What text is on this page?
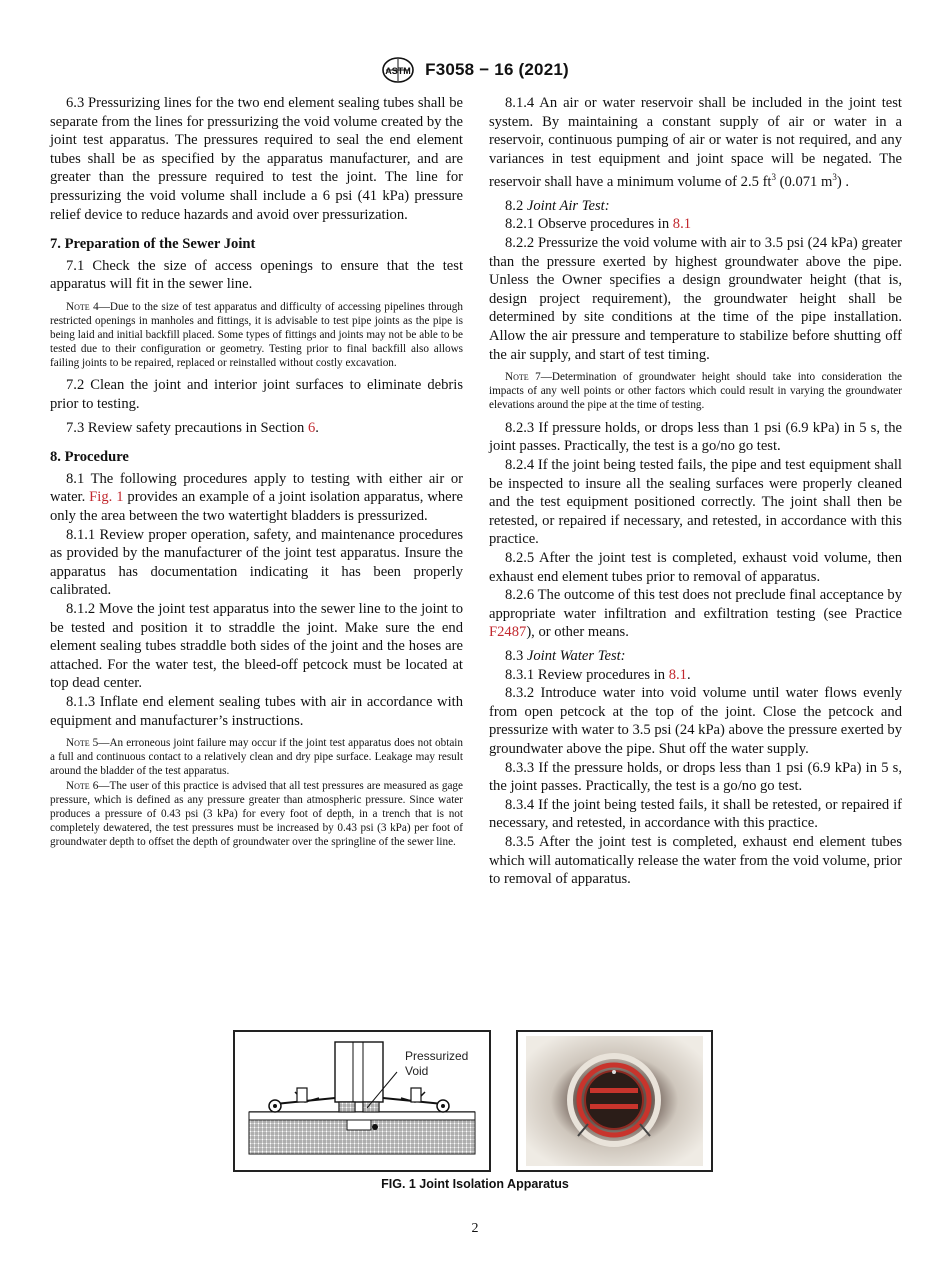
ASTM F3058 − 16 (2021)

6.3 Pressurizing lines for the two end element sealing tubes shall be separate from the lines for pressurizing the void volume created by the joint test apparatus. The pressures required to seal the end element tubes shall be as specified by the apparatus manufacturer, and are greater than the pressure required to test the joint. The line for pressurizing the void volume shall include a 6 psi (41 kPa) pressure relief device to reduce hazards and avoid over pressurization.

7. Preparation of the Sewer Joint

7.1 Check the size of access openings to ensure that the test apparatus will fit in the sewer line.

Note 4—Due to the size of test apparatus and difficulty of accessing pipelines through restricted openings in manholes and fittings, it is advisable to test pipe joints as the pipe is being laid and initial backfill placed. Some types of fittings and joints may not be able to be tested due to their configuration or geometry. Testing prior to final backfill also allows failing joints to be repaired, replaced or reinstalled without costly excavation.

7.2 Clean the joint and interior joint surfaces to eliminate debris prior to testing.

7.3 Review safety precautions in Section 6.

8. Procedure

8.1 The following procedures apply to testing with either air or water. Fig. 1 provides an example of a joint isolation apparatus, where only the area between the two watertight bladders is pressurized.

8.1.1 Review proper operation, safety, and maintenance procedures as provided by the manufacturer of the joint test apparatus. Insure the apparatus has documentation indicating it has been properly calibrated.

8.1.2 Move the joint test apparatus into the sewer line to the joint to be tested and position it to straddle the joint. Make sure the end element sealing tubes straddle both sides of the joint and the hoses are attached. For the water test, the bleed-off petcock must be located at top dead center.

8.1.3 Inflate end element sealing tubes with air in accordance with equipment and manufacturer’s instructions.

Note 5—An erroneous joint failure may occur if the joint test apparatus does not obtain a full and continuous contact to a relatively clean and dry pipe surface. Leakage may result around the bladder of the test apparatus.

Note 6—The user of this practice is advised that all test pressures are measured as gage pressure, which is defined as any pressure greater than atmospheric pressure. Since water produces a pressure of 0.43 psi (3 kPa) for every foot of depth, in a trench that is not completely dewatered, the test pressures must be increased by 0.43 psi (3 kPa) per foot of groundwater depth to offset the depth of groundwater over the springline of the sewer line.

8.1.4 An air or water reservoir shall be included in the joint test system. By maintaining a constant supply of air or water in a reservoir, continuous pumping of air or water is not required, and any variances in test equipment and joint space will be negated. The reservoir shall have a minimum volume of 2.5 $ft^3$ (0.071 $m^3$) .

8.2 Joint Air Test:

8.2.1 Observe procedures in 8.1

8.2.2 Pressurize the void volume with air to 3.5 psi (24 kPa) greater than the pressure exerted by highest groundwater above the pipe. Unless the Owner specifies a design groundwater height (that is, design project requirement), the groundwater height shall be determined by site conditions at the time of the pipe installation. Allow the air pressure and temperature to stabilize before shutting off the air supply, and start of test timing.

Note 7—Determination of groundwater height should take into consideration the impacts of any well points or other factors which could result in varying the groundwater elevations around the pipe at the time of testing.

8.2.3 If pressure holds, or drops less than 1 psi (6.9 kPa) in 5 s, the joint passes. Practically, the test is a go/no go test.

8.2.4 If the joint being tested fails, the pipe and test equipment shall be inspected to insure all the sealing surfaces were properly cleaned and the test equipment positioned correctly. The joint shall then be retested, or repaired if necessary, and retested, in accordance with this practice.

8.2.5 After the joint test is completed, exhaust void volume, then exhaust end element tubes prior to removal of apparatus.

8.2.6 The outcome of this test does not preclude final acceptance by appropriate water infiltration and exfiltration testing (see Practice F2487), or other means.

8.3 Joint Water Test:

8.3.1 Review procedures in 8.1.

8.3.2 Introduce water into void volume until water flows evenly from open petcock at the top of the joint. Close the petcock and pressurize with water to 3.5 psi (24 kPa) above the pressure exerted by groundwater above the pipe. Shut off the water supply.

8.3.3 If the pressure holds, or drops less than 1 psi (6.9 kPa) in 5 s, the joint passes. Practically, the test is a go/no go test.

8.3.4 If the joint being tested fails, it shall be retested, or repaired if necessary, and retested, in accordance with this practice.

8.3.5 After the joint test is completed, exhaust end element tubes which will automatically release the water from the void volume, prior to removal of apparatus.

Pressurized
Void
FIG. 1 Joint Isolation Apparatus
2
